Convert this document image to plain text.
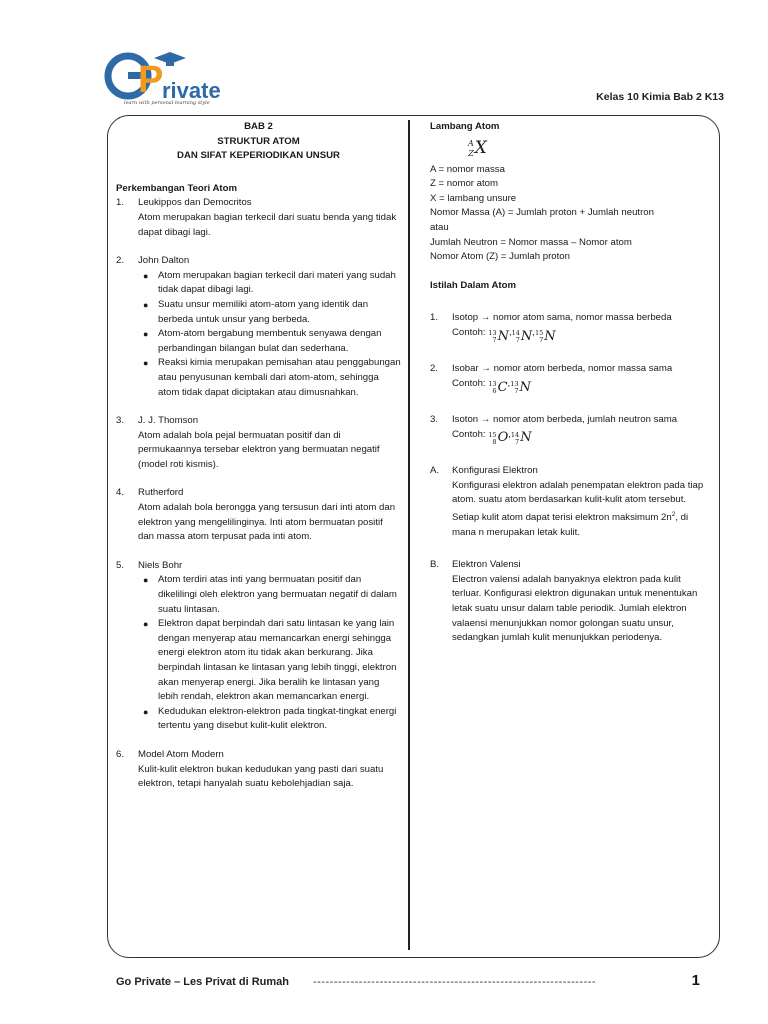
P
rivate
learn with personal learning style	Kelas 10 Kimia Bab 2 K13
BAB 2
STRUKTUR ATOM
DAN SIFAT KEPERIODIKAN UNSUR
Perkembangan Teori Atom
1. Leukippos dan Democritos
Atom merupakan bagian terkecil dari suatu benda yang tidak dapat dibagi lagi.
2. John Dalton
● Atom merupakan bagian terkecil dari materi yang sudah tidak dapat dibagi lagi.
● Suatu unsur memiliki atom-atom yang identik dan berbeda untuk unsur yang berbeda.
● Atom-atom bergabung membentuk senyawa dengan perbandingan bilangan bulat dan sederhana.
● Reaksi kimia merupakan pemisahan atau penggabungan atau penyusunan kembali dari atom-atom, sehingga atom tidak dapat diciptakan atau dimusnahkan.
3. J. J. Thomson
Atom adalah bola pejal bermuatan positif dan di permukaannya tersebar elektron yang bermuatan negatif (model roti kismis).
4. Rutherford
Atom adalah bola berongga yang tersusun dari inti atom dan elektron yang mengelilinginya. Inti atom bermuatan positif dan massa atom terpusat pada inti atom.
5. Niels Bohr
● Atom terdiri atas inti yang bermuatan positif dan dikelilingi oleh elektron yang bermuatan negatif di dalam suatu lintasan.
● Elektron dapat berpindah dari satu lintasan ke yang lain dengan menyerap atau memancarkan energi sehingga energi elektron atom itu tidak akan berkurang. Jika berpindah lintasan ke lintasan yang lebih tinggi, elektron akan menyerap energi. Jika beralih ke lintasan yang lebih rendah, elektron akan memancarkan energi.
● Kedudukan elektron-elektron pada tingkat-tingkat energi tertentu yang disebut kulit-kulit elektron.
6. Model Atom Modern
Kulit-kulit elektron bukan kedudukan yang pasti dari suatu elektron, tetapi hanyalah suatu kebolehjadian saja.
Lambang Atom
A
Z X
A = nomor massa
Z = nomor atom
X = lambang unsure
Nomor Massa (A) = Jumlah proton + Jumlah neutron
atau
Jumlah Neutron = Nomor massa – Nomor atom
Nomor Atom (Z) = Jumlah proton
Istilah Dalam Atom
1. Isotop → nomor atom sama, nomor massa berbeda
Contoh: 13
7 N , 14
7 N , 15
7 N
2. Isobar → nomor atom berbeda, nomor massa sama
Contoh: 13
6 C , 13
7 N
3. Isoton → nomor atom berbeda, jumlah neutron sama
Contoh: 15
8 O , 14
7 N
A. Konfigurasi Elektron
Konfigurasi elektron adalah penempatan elektron pada tiap atom. suatu atom berdasarkan kulit-kulit atom tersebut. Setiap kulit atom dapat terisi elektron maksimum $2n^2$, di mana n merupakan letak kulit.
B. Elektron Valensi
Electron valensi adalah banyaknya elektron pada kulit terluar. Konfigurasi elektron digunakan untuk menentukan letak suatu unsur dalam table periodik. Jumlah elektron valaensi menunjukkan nomor golongan suatu unsur, sedangkan jumlah kulit menunjukkan periodenya.
Go Private – Les Privat di Rumah --------------------------------------------------------------------	1
